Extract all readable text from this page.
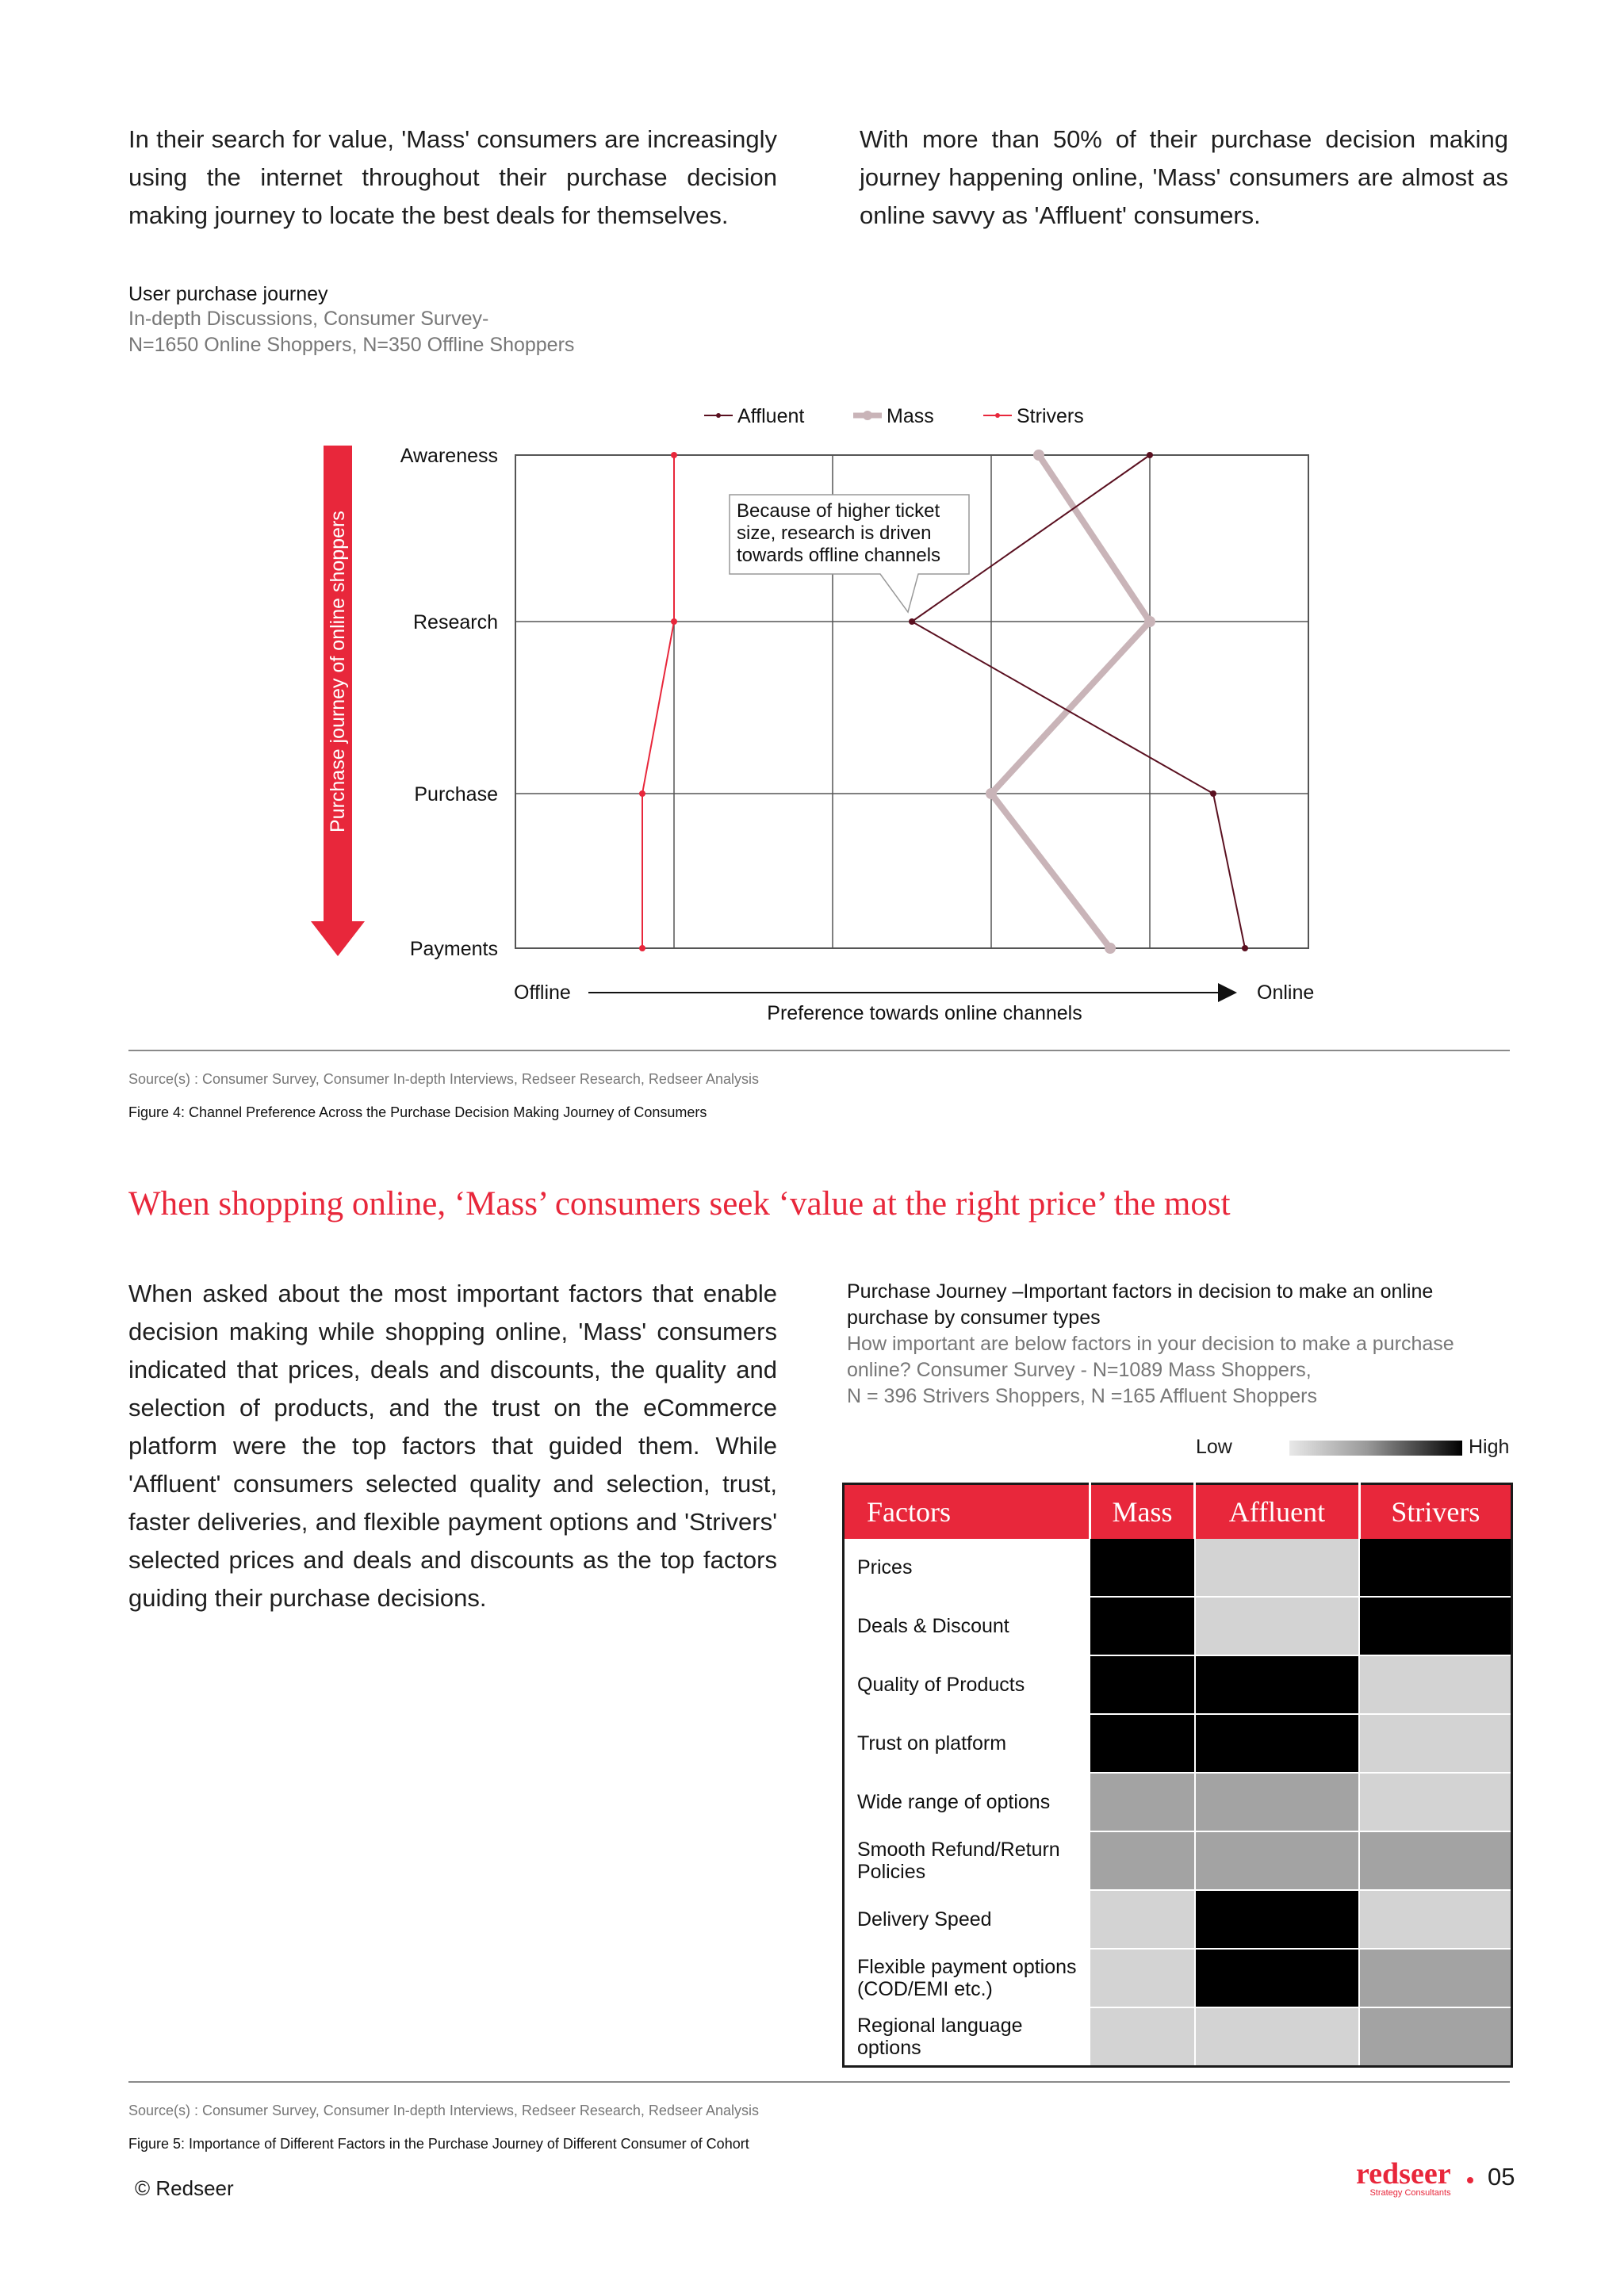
In their search for value, 'Mass' consumers are increasingly using the internet throughout their purchase decision making journey to locate the best deals for themselves.
With more than 50% of their purchase decision making journey happening online, 'Mass' consumers are almost as online savvy as 'Affluent' consumers.
User purchase journey
In-depth Discussions, Consumer Survey-
N=1650 Online Shoppers, N=350 Offline Shoppers
Affluent	Mass	Strivers
Purchase journey of online shoppers
Awareness
Research
Purchase
Payments
Offline	Online
Preference towards online channels
Because of higher ticket
size, research is driven
towards offline channels
Source(s) : Consumer Survey, Consumer In-depth Interviews, Redseer Research, Redseer Analysis
Figure 4: Channel Preference Across the Purchase Decision Making Journey of Consumers
When shopping online, ‘Mass’ consumers seek ‘value at the right price’ the most
When asked about the most important factors that enable decision making while shopping online, 'Mass' consumers indicated that prices, deals and discounts, the quality and selection of products, and the trust on the eCommerce platform were the top factors that guided them. While 'Affluent' consumers selected quality and selection, trust, faster deliveries, and flexible payment options and 'Strivers' selected prices and deals and discounts as the top factors guiding their purchase decisions.
Purchase Journey –Important factors in decision to make an online purchase by consumer types
How important are below factors in your decision to make a purchase online? Consumer Survey - N=1089 Mass Shoppers,
N = 396 Strivers Shoppers, N =165 Affluent Shoppers
Low	High
Factors	Mass	Affluent	Strivers
Prices			
Deals & Discount			
Quality of Products			
Trust on platform			
Wide range of options			
Smooth Refund/Return Policies			
Delivery Speed			
Flexible payment options (COD/EMI etc.)			
Regional language options			
Source(s) : Consumer Survey, Consumer In-depth Interviews, Redseer Research, Redseer Analysis
Figure 5: Importance of Different Factors in the Purchase Journey of Different Consumer of Cohort
© Redseer	redseer
Strategy Consultants
05
